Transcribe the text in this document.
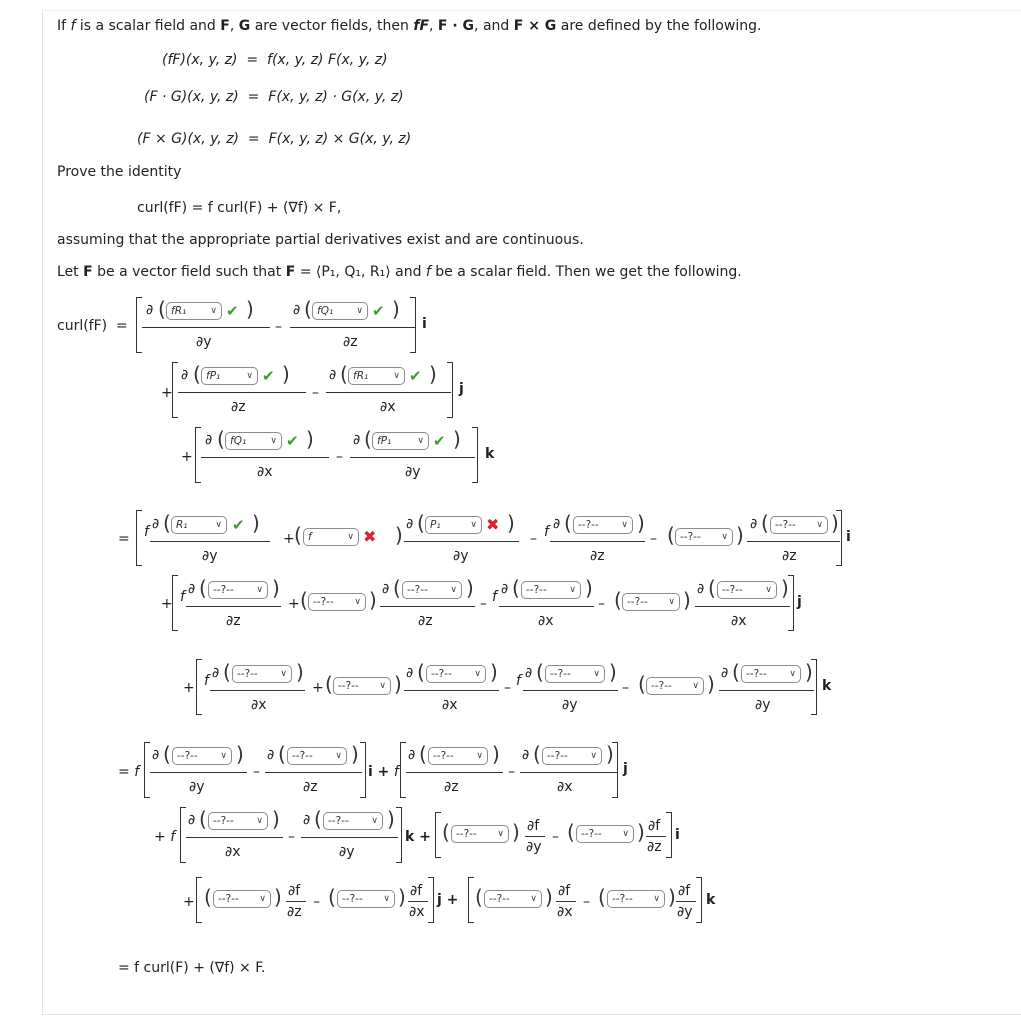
If f is a scalar field and F, G are vector fields, then fF, F · G, and F × G are defined by the following.
(fF)(x, y, z) = f(x, y, z) F(x, y, z)
(F · G)(x, y, z) = F(x, y, z) · G(x, y, z)
(F × G)(x, y, z) = F(x, y, z) × G(x, y, z)
Prove the identity
curl(fF) = f curl(F) + (∇f) × F,
assuming that the appropriate partial derivatives exist and are continuous.
Let F be a vector field such that F = ⟨P₁, Q₁, R₁⟩ and f be a scalar field. Then we get the following.
curl(fF) =
∂ ( fR₁	∨ ✔ )
∂y
–
∂ ( fQ₁	∨ ✔ )
∂z
i
+
∂ ( fP₁	∨ ✔ )
∂z
–
∂ ( fR₁	∨ ✔ )
∂x
j
+
∂ ( fQ₁	∨ ✔ )
∂x
–
∂ ( fP₁	∨ ✔ )
∂y
k
= f ∂ ( R₁	∨ ✔ )
∂y
+ ( f	∨ ✖ ) ∂ ( P₁	∨ ✖ )
∂y
– f ∂ ( --?--	∨ )
∂z
– ( --?-- ∨ ) ∂ ( --?-- ∨ )
∂z
i
+ f ∂ ( --?--	∨ )
∂z
+ ( --?-- ∨ ) ∂ ( --?--	∨ )
∂z
– f ∂ ( --?--	∨ )
∂x
– ( --?-- ∨ ) ∂ ( --?--	∨ )
∂x
j
+ f ∂ ( --?--	∨ )
∂x
+ ( --?-- ∨ ) ∂ ( --?--	∨ )
∂x
– f ∂ ( --?--	∨ )
∂y
– ( --?-- ∨ ) ∂ ( --?--	∨ )
∂y
k
= f
∂ ( --?--	∨ )
∂y
–
∂ ( --?--	∨ )
∂z
i + f
∂ ( --?--	∨ )
∂z
–
∂ ( --?--	∨ )
∂x
j
+ f
∂ ( --?--	∨ )
∂x
–
∂ ( --?--	∨ )
∂y
k + ( --?-- ∨ ) ∂f
∂y
– ( --?-- ∨ ) ∂f
∂z
i
+ ( --?-- ∨ ) ∂f
∂z
– ( --?-- ∨ ) ∂f
∂x
j + ( --?-- ∨ ) ∂f
∂x
– ( --?-- ∨ ) ∂f
∂y
k
= f curl(F) + (∇f) × F.
